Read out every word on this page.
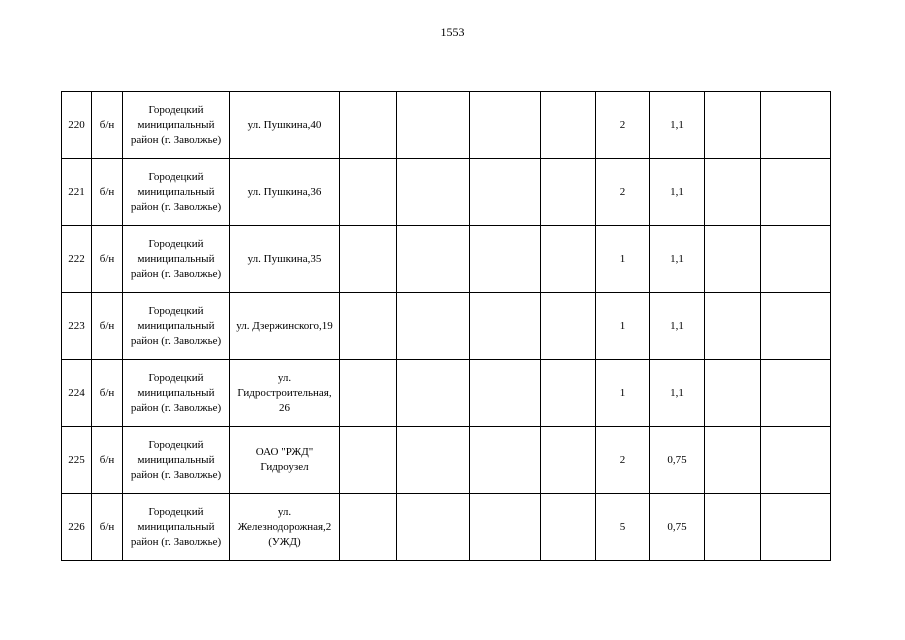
1553
220	б/н	Городецкий
миниципальный
район (г. Заволжье)	ул. Пушкина,40					2	1,1		
221	б/н	Городецкий
миниципальный
район (г. Заволжье)	ул. Пушкина,36					2	1,1		
222	б/н	Городецкий
миниципальный
район (г. Заволжье)	ул. Пушкина,35					1	1,1		
223	б/н	Городецкий
миниципальный
район (г. Заволжье)	ул. Дзержинского,19					1	1,1		
224	б/н	Городецкий
миниципальный
район (г. Заволжье)	ул.
Гидростроительная,
26					1	1,1		
225	б/н	Городецкий
миниципальный
район (г. Заволжье)	ОАО "РЖД"
Гидроузел					2	0,75		
226	б/н	Городецкий
миниципальный
район (г. Заволжье)	ул.
Железнодорожная,2
(УЖД)					5	0,75		
